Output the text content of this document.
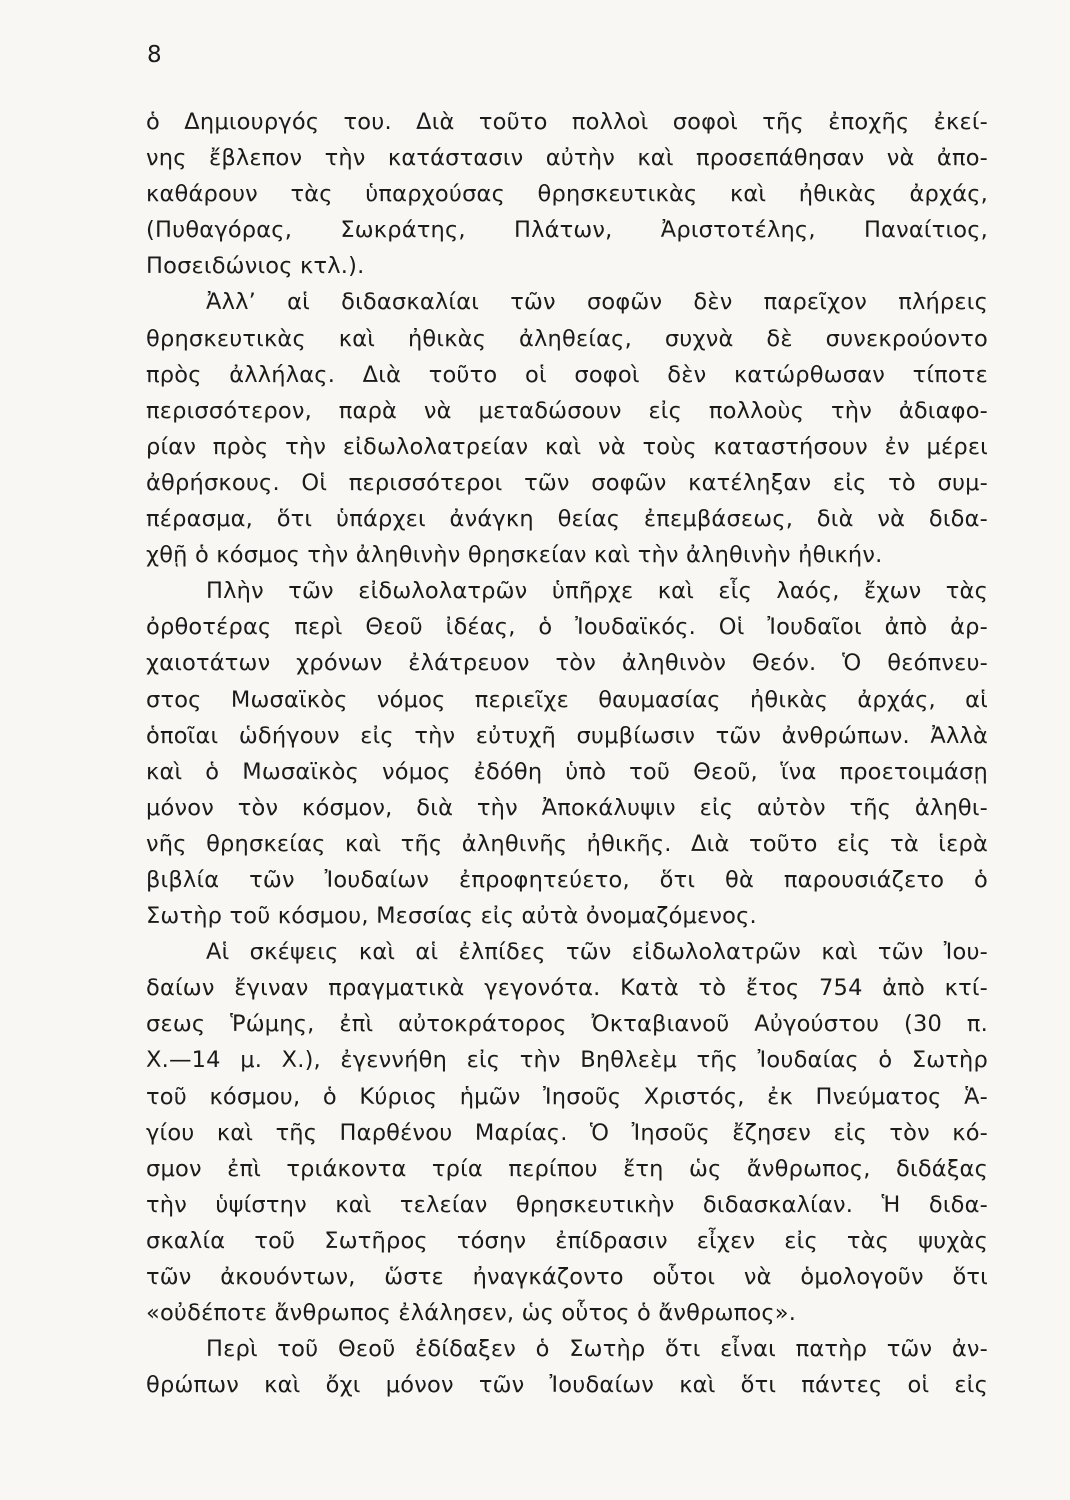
8
ὁ Δημιουργός του. Διὰ τοῦτο πολλοὶ σοφοὶ τῆς ἐποχῆς ἐκεί-
νης ἔβλεπον τὴν κατάστασιν αὐτὴν καὶ προσεπάθησαν νὰ ἀπο-
καθάρουν τὰς ὑπαρχούσας θρησκευτικὰς καὶ ἠθικὰς ἀρχάς,
(Πυθαγόρας, Σωκράτης, Πλάτων, Ἀριστοτέλης, Παναίτιος,
Ποσειδώνιος κτλ.).
Ἀλλ’ αἱ διδασκαλίαι τῶν σοφῶν δὲν παρεῖχον πλήρεις
θρησκευτικὰς καὶ ἠθικὰς ἀληθείας, συχνὰ δὲ συνεκρούοντο
πρὸς ἀλλήλας. Διὰ τοῦτο οἱ σοφοὶ δὲν κατώρθωσαν τίποτε
περισσότερον, παρὰ νὰ μεταδώσουν εἰς πολλοὺς τὴν ἀδιαφο-
ρίαν πρὸς τὴν εἰδωλολατρείαν καὶ νὰ τοὺς καταστήσουν ἐν μέρει
ἀθρήσκους. Οἱ περισσότεροι τῶν σοφῶν κατέληξαν εἰς τὸ συμ-
πέρασμα, ὅτι ὑπάρχει ἀνάγκη θείας ἐπεμβάσεως, διὰ νὰ διδα-
χθῇ ὁ κόσμος τὴν ἀληθινὴν θρησκείαν καὶ τὴν ἀληθινὴν ἠθικήν.
Πλὴν τῶν εἰδωλολατρῶν ὑπῆρχε καὶ εἷς λαός, ἔχων τὰς
ὀρθοτέρας περὶ Θεοῦ ἰδέας, ὁ Ἰουδαϊκός. Οἱ Ἰουδαῖοι ἀπὸ ἀρ-
χαιοτάτων χρόνων ἐλάτρευον τὸν ἀληθινὸν Θεόν. Ὁ θεόπνευ-
στος Μωσαϊκὸς νόμος περιεῖχε θαυμασίας ἠθικὰς ἀρχάς, αἱ
ὁποῖαι ὡδήγουν εἰς τὴν εὐτυχῆ συμβίωσιν τῶν ἀνθρώπων. Ἀλλὰ
καὶ ὁ Μωσαϊκὸς νόμος ἐδόθη ὑπὸ τοῦ Θεοῦ, ἵνα προετοιμάσῃ
μόνον τὸν κόσμον, διὰ τὴν Ἀποκάλυψιν εἰς αὐτὸν τῆς ἀληθι-
νῆς θρησκείας καὶ τῆς ἀληθινῆς ἠθικῆς. Διὰ τοῦτο εἰς τὰ ἱερὰ
βιβλία τῶν Ἰουδαίων ἐπροφητεύετο, ὅτι θὰ παρουσιάζετο ὁ
Σωτὴρ τοῦ κόσμου, Μεσσίας εἰς αὐτὰ ὀνομαζόμενος.
Αἱ σκέψεις καὶ αἱ ἐλπίδες τῶν εἰδωλολατρῶν καὶ τῶν Ἰου-
δαίων ἔγιναν πραγματικὰ γεγονότα. Κατὰ τὸ ἔτος 754 ἀπὸ κτί-
σεως Ῥώμης, ἐπὶ αὐτοκράτορος Ὀκταβιανοῦ Αὐγούστου (30 π.
Χ.—14 μ. Χ.), ἐγεννήθη εἰς τὴν Βηθλεὲμ τῆς Ἰουδαίας ὁ Σωτὴρ
τοῦ κόσμου, ὁ Κύριος ἡμῶν Ἰησοῦς Χριστός, ἐκ Πνεύματος Ἁ-
γίου καὶ τῆς Παρθένου Μαρίας. Ὁ Ἰησοῦς ἔζησεν εἰς τὸν κό-
σμον ἐπὶ τριάκοντα τρία περίπου ἔτη ὡς ἄνθρωπος, διδάξας
τὴν ὑψίστην καὶ τελείαν θρησκευτικὴν διδασκαλίαν. Ἡ διδα-
σκαλία τοῦ Σωτῆρος τόσην ἐπίδρασιν εἶχεν εἰς τὰς ψυχὰς
τῶν ἀκουόντων, ὥστε ἠναγκάζοντο οὗτοι νὰ ὁμολογοῦν ὅτι
«οὐδέποτε ἄνθρωπος ἐλάλησεν, ὡς οὗτος ὁ ἄνθρωπος».
Περὶ τοῦ Θεοῦ ἐδίδαξεν ὁ Σωτὴρ ὅτι εἶναι πατὴρ τῶν ἀν-
θρώπων καὶ ὄχι μόνον τῶν Ἰουδαίων καὶ ὅτι πάντες οἱ εἰς
